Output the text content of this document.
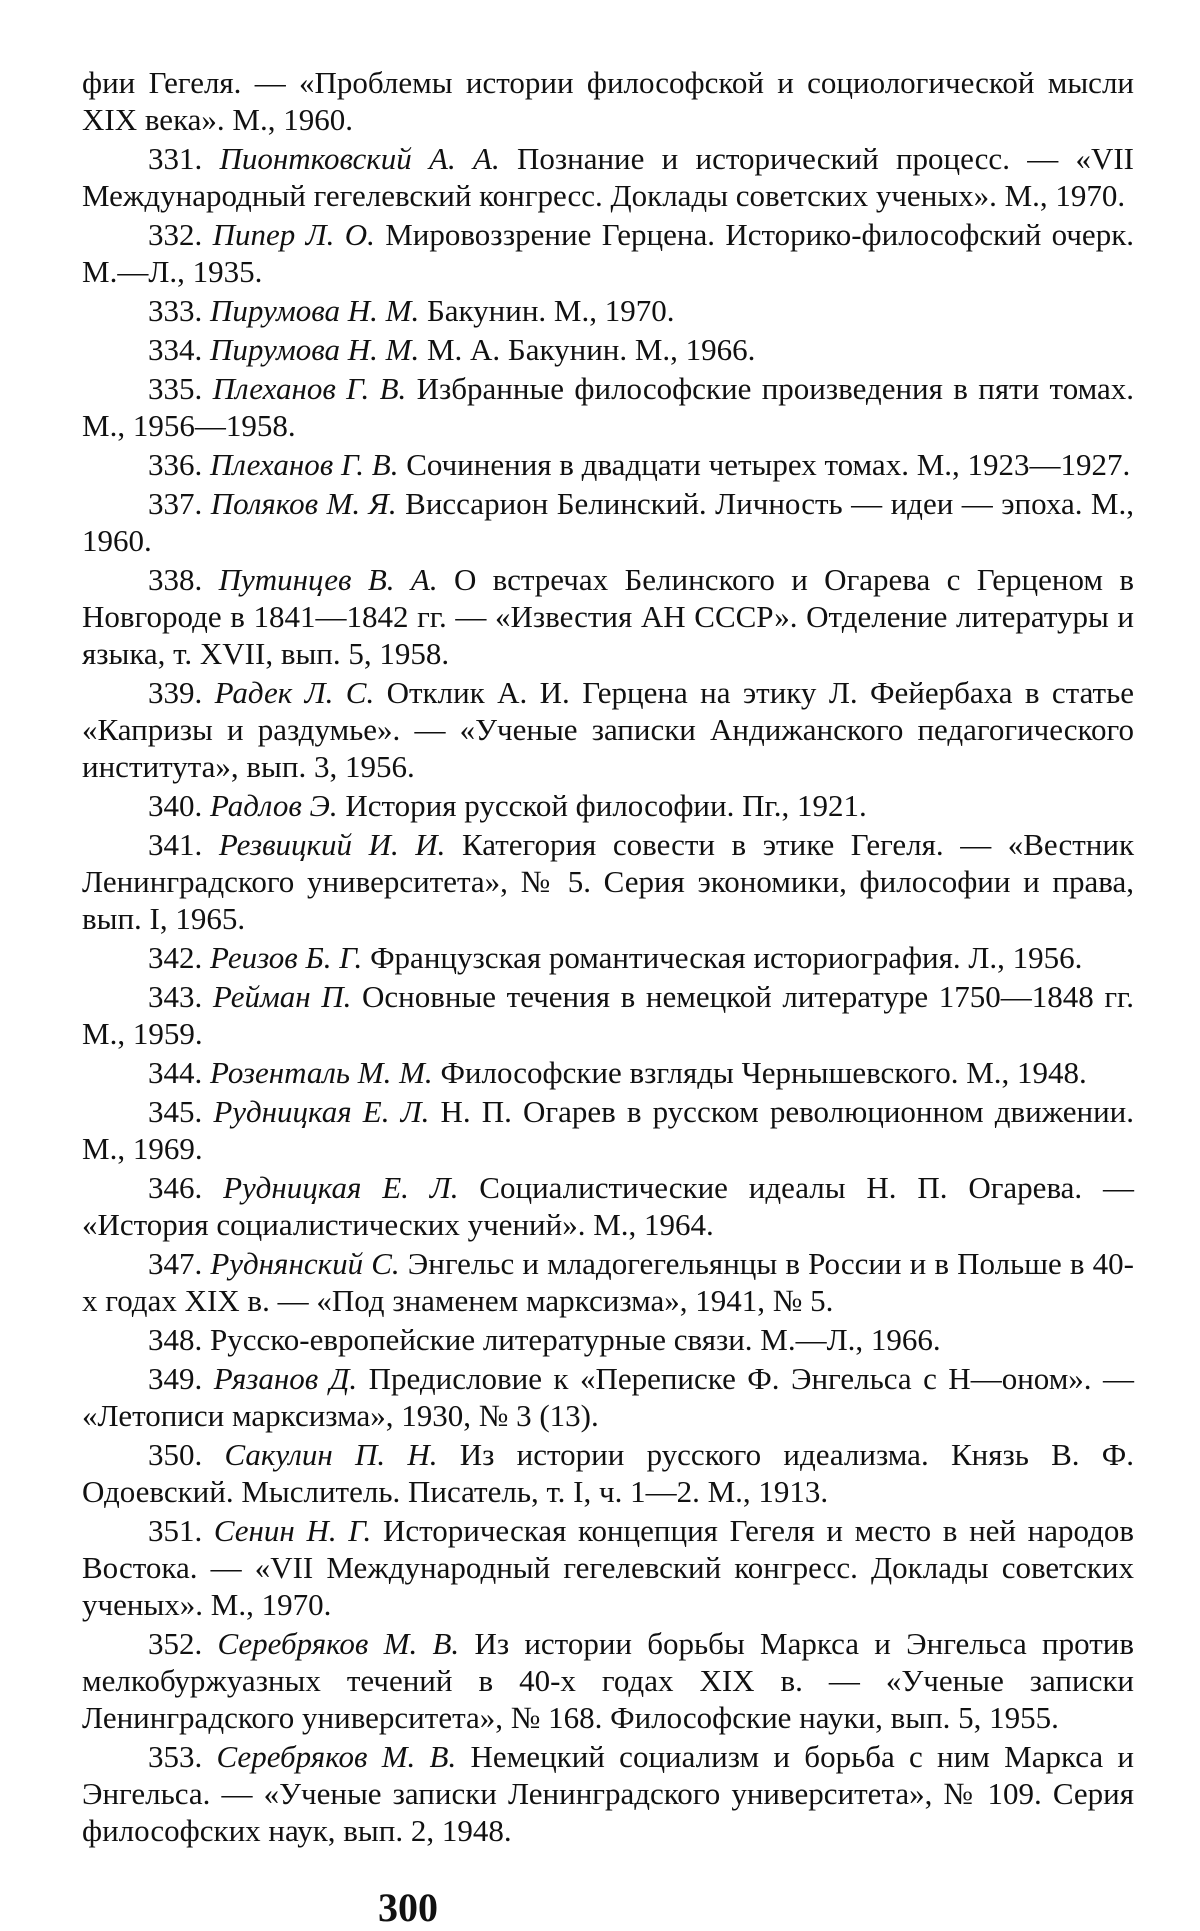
фии Гегеля. — «Проблемы истории философской и социологической мысли XIX века». М., 1960.

331. Пионтковский А. А. Познание и исторический процесс. — «VII Международный гегелевский конгресс. Доклады советских ученых». М., 1970.

332. Пипер Л. О. Мировоззрение Герцена. Историко-философский очерк. М.—Л., 1935.

333. Пирумова Н. М. Бакунин. М., 1970.

334. Пирумова Н. М. М. А. Бакунин. М., 1966.

335. Плеханов Г. В. Избранные философские произведения в пяти томах. М., 1956—1958.

336. Плеханов Г. В. Сочинения в двадцати четырех томах. М., 1923—1927.

337. Поляков М. Я. Виссарион Белинский. Личность — идеи — эпоха. М., 1960.

338. Путинцев В. А. О встречах Белинского и Огарева с Герценом в Новгороде в 1841—1842 гг. — «Известия АН СССР». Отделение литературы и языка, т. XVII, вып. 5, 1958.

339. Радек Л. С. Отклик А. И. Герцена на этику Л. Фейербаха в статье «Капризы и раздумье». — «Ученые записки Андижанского педагогического института», вып. 3, 1956.

340. Радлов Э. История русской философии. Пг., 1921.

341. Резвицкий И. И. Категория совести в этике Гегеля. — «Вестник Ленинградского университета», № 5. Серия экономики, философии и права, вып. I, 1965.

342. Реизов Б. Г. Французская романтическая историография. Л., 1956.

343. Рейман П. Основные течения в немецкой литературе 1750—1848 гг. М., 1959.

344. Розенталь М. М. Философские взгляды Чернышевского. М., 1948.

345. Рудницкая Е. Л. Н. П. Огарев в русском революционном движении. М., 1969.

346. Рудницкая Е. Л. Социалистические идеалы Н. П. Огарева. — «История социалистических учений». М., 1964.

347. Руднянский С. Энгельс и младогегельянцы в России и в Польше в 40-х годах XIX в. — «Под знаменем марксизма», 1941, № 5.

348. Русско-европейские литературные связи. М.—Л., 1966.

349. Рязанов Д. Предисловие к «Переписке Ф. Энгельса с Н—оном». — «Летописи марксизма», 1930, № 3 (13).

350. Сакулин П. Н. Из истории русского идеализма. Князь В. Ф. Одоевский. Мыслитель. Писатель, т. I, ч. 1—2. М., 1913.

351. Сенин Н. Г. Историческая концепция Гегеля и место в ней народов Востока. — «VII Международный гегелевский конгресс. Доклады советских ученых». М., 1970.

352. Серебряков М. В. Из истории борьбы Маркса и Энгельса против мелкобуржуазных течений в 40-х годах XIX в. — «Ученые записки Ленинградского университета», № 168. Философские науки, вып. 5, 1955.

353. Серебряков М. В. Немецкий социализм и борьба с ним Маркса и Энгельса. — «Ученые записки Ленинградского университета», № 109. Серия философских наук, вып. 2, 1948.

300
